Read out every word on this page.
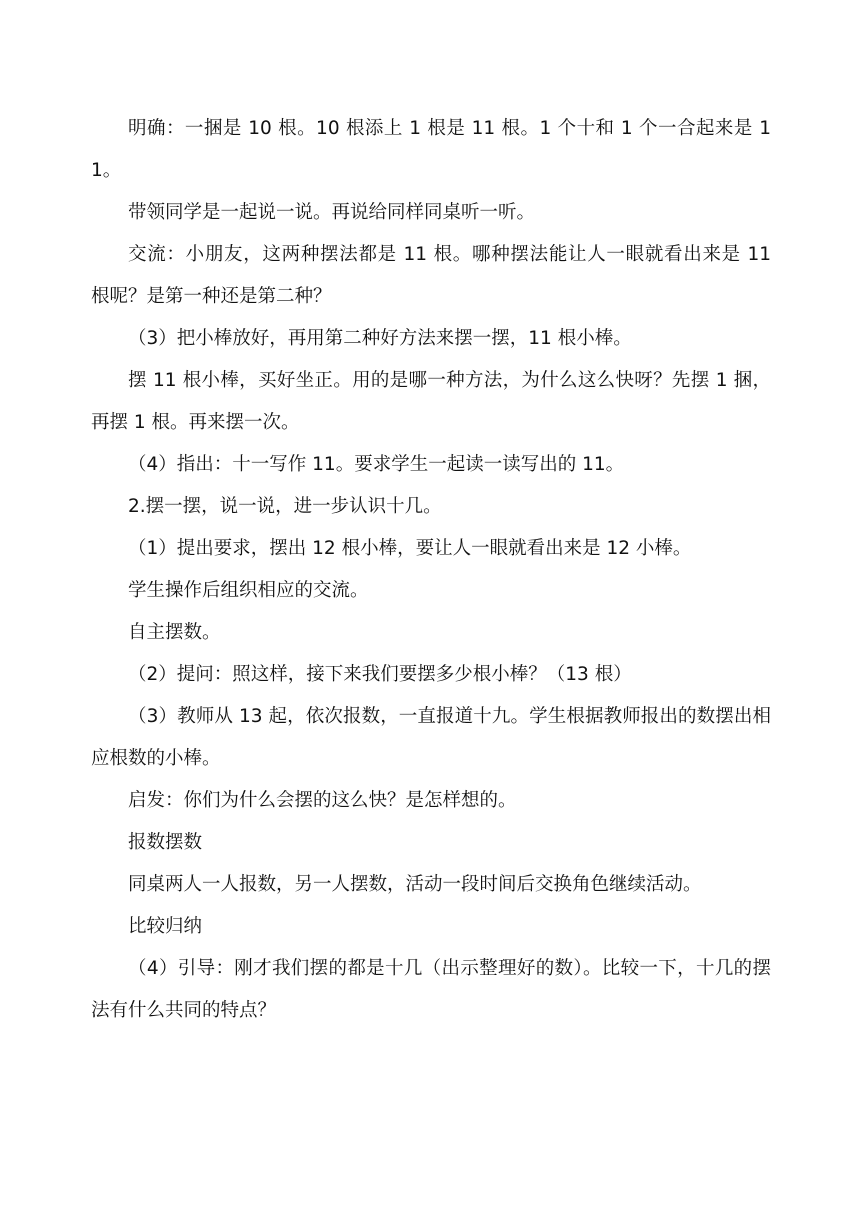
明确：一捆是 10 根。10 根添上 1 根是 11 根。1 个十和 1 个一合起来是 11。

带领同学是一起说一说。再说给同样同桌听一听。

交流：小朋友，这两种摆法都是 11 根。哪种摆法能让人一眼就看出来是 11 根呢？是第一种还是第二种？

（3）把小棒放好，再用第二种好方法来摆一摆，11 根小棒。

摆 11 根小棒，买好坐正。用的是哪一种方法，为什么这么快呀？先摆 1 捆，再摆 1 根。再来摆一次。

（4）指出：十一写作 11。要求学生一起读一读写出的 11。

2.摆一摆，说一说，进一步认识十几。

（1）提出要求，摆出 12 根小棒，要让人一眼就看出来是 12 小棒。

学生操作后组织相应的交流。

自主摆数。

（2）提问：照这样，接下来我们要摆多少根小棒？（13 根）

（3）教师从 13 起，依次报数，一直报道十九。学生根据教师报出的数摆出相应根数的小棒。

启发：你们为什么会摆的这么快？是怎样想的。

报数摆数

同桌两人一人报数，另一人摆数，活动一段时间后交换角色继续活动。

比较归纳

（4）引导：刚才我们摆的都是十几（出示整理好的数）。比较一下，十几的摆法有什么共同的特点？
